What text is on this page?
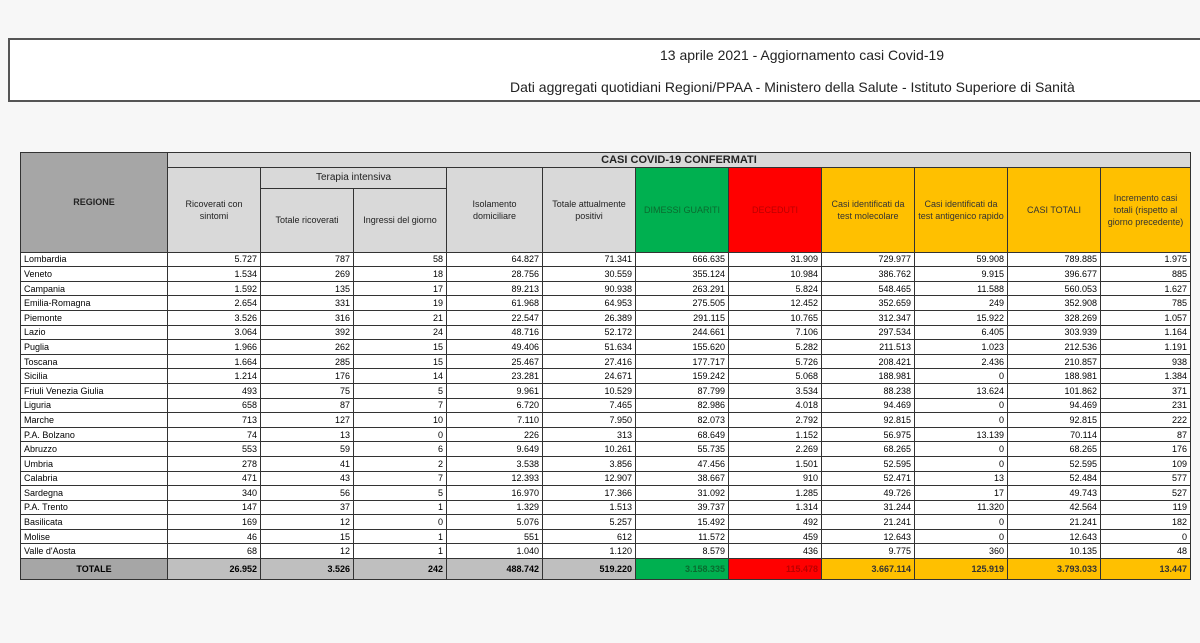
13 aprile 2021 - Aggiornamento casi Covid-19
Dati aggregati quotidiani Regioni/PPAA - Ministero della Salute - Istituto Superiore di Sanità
REGIONE	CASI COVID-19 CONFERMATI										
	Ricoverati con sintomi	Terapia intensiva		Isolamento domiciliare	Totale attualmente positivi	DIMESSI GUARITI	DECEDUTI	Casi identificati da test molecolare	Casi identificati da test antigenico rapido	CASI TOTALI	Incremento casi totali (rispetto al giorno precedente)
		Totale ricoverati	Ingressi del giorno								
Lombardia	5.727	787	58	64.827	71.341	666.635	31.909	729.977	59.908	789.885	1.975
Veneto	1.534	269	18	28.756	30.559	355.124	10.984	386.762	9.915	396.677	885
Campania	1.592	135	17	89.213	90.938	263.291	5.824	548.465	11.588	560.053	1.627
Emilia-Romagna	2.654	331	19	61.968	64.953	275.505	12.452	352.659	249	352.908	785
Piemonte	3.526	316	21	22.547	26.389	291.115	10.765	312.347	15.922	328.269	1.057
Lazio	3.064	392	24	48.716	52.172	244.661	7.106	297.534	6.405	303.939	1.164
Puglia	1.966	262	15	49.406	51.634	155.620	5.282	211.513	1.023	212.536	1.191
Toscana	1.664	285	15	25.467	27.416	177.717	5.726	208.421	2.436	210.857	938
Sicilia	1.214	176	14	23.281	24.671	159.242	5.068	188.981	0	188.981	1.384
Friuli Venezia Giulia	493	75	5	9.961	10.529	87.799	3.534	88.238	13.624	101.862	371
Liguria	658	87	7	6.720	7.465	82.986	4.018	94.469	0	94.469	231
Marche	713	127	10	7.110	7.950	82.073	2.792	92.815	0	92.815	222
P.A. Bolzano	74	13	0	226	313	68.649	1.152	56.975	13.139	70.114	87
Abruzzo	553	59	6	9.649	10.261	55.735	2.269	68.265	0	68.265	176
Umbria	278	41	2	3.538	3.856	47.456	1.501	52.595	0	52.595	109
Calabria	471	43	7	12.393	12.907	38.667	910	52.471	13	52.484	577
Sardegna	340	56	5	16.970	17.366	31.092	1.285	49.726	17	49.743	527
P.A. Trento	147	37	1	1.329	1.513	39.737	1.314	31.244	11.320	42.564	119
Basilicata	169	12	0	5.076	5.257	15.492	492	21.241	0	21.241	182
Molise	46	15	1	551	612	11.572	459	12.643	0	12.643	0
Valle d'Aosta	68	12	1	1.040	1.120	8.579	436	9.775	360	10.135	48
TOTALE	26.952	3.526	242	488.742	519.220	3.158.335	115.478	3.667.114	125.919	3.793.033	13.447
